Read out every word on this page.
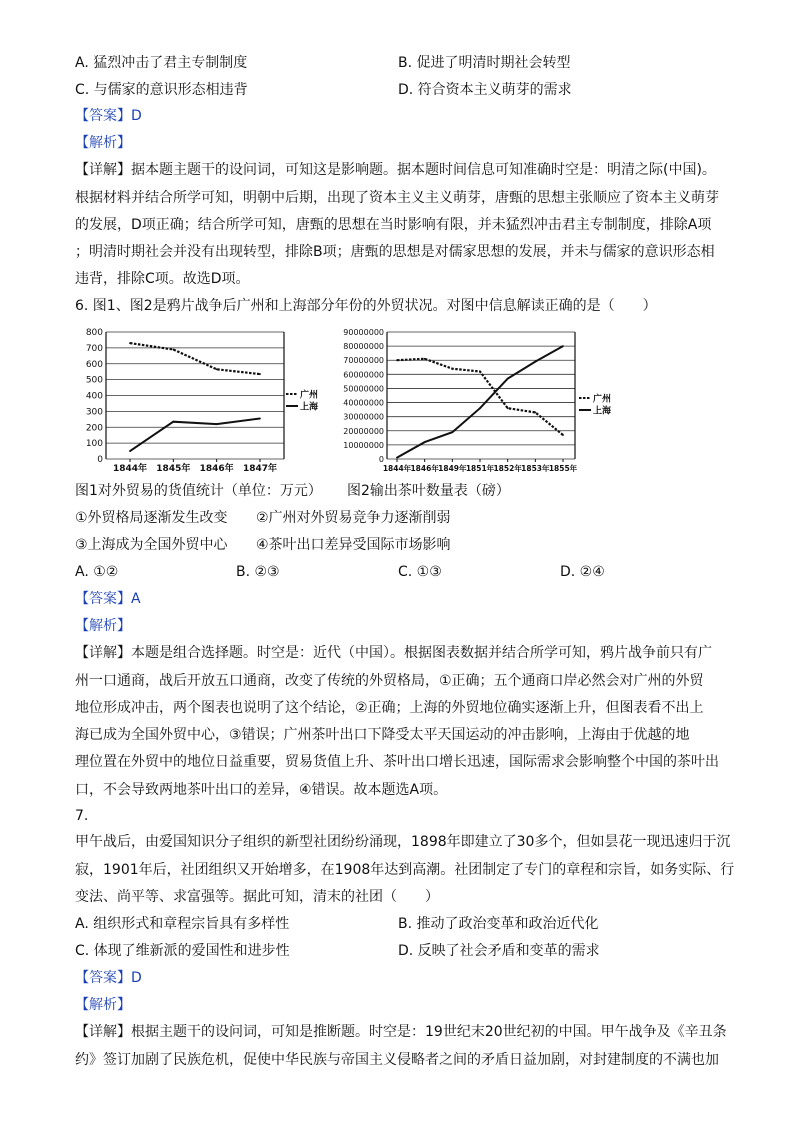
A. 猛烈冲击了君主专制制度	B. 促进了明清时期社会转型
C. 与儒家的意识形态相违背	D. 符合资本主义萌芽的需求
【答案】D
【解析】
【详解】据本题主题干的设问词，可知这是影响题。据本题时间信息可知准确时空是：明清之际(中国)。
根据材料并结合所学可知，明朝中后期，出现了资本主义主义萌芽，唐甄的思想主张顺应了资本主义萌芽
的发展，D项正确；结合所学可知，唐甄的思想在当时影响有限，并未猛烈冲击君主专制制度，排除A项
；明清时期社会并没有出现转型，排除B项；唐甄的思想是对儒家思想的发展，并未与儒家的意识形态相
违背，排除C项。故选D项。
6. 图1、图2是鸦片战争后广州和上海部分年份的外贸状况。对图中信息解读正确的是（　　）
800
700
600
500
400
300
200
100
0
1844年 1845年 1846年 1847年
广州
上海
90000000
80000000
70000000
60000000
50000000
40000000
30000000
20000000
10000000
0
1844年 1846年 1849年 1851年 1852年 1853年 1855年
广州
上海
图1对外贸易的货值统计（单位：万元） 图2输出茶叶数量表（磅）
①外贸格局逐渐发生改变 ②广州对外贸易竞争力逐渐削弱
③上海成为全国外贸中心 ④茶叶出口差异受国际市场影响
A. ①②	B. ②③	C. ①③	D. ②④
【答案】A
【解析】
【详解】本题是组合选择题。时空是：近代（中国）。根据图表数据并结合所学可知，鸦片战争前只有广
州一口通商，战后开放五口通商，改变了传统的外贸格局，①正确；五个通商口岸必然会对广州的外贸
地位形成冲击，两个图表也说明了这个结论，②正确；上海的外贸地位确实逐渐上升，但图表看不出上
海已成为全国外贸中心，③错误；广州茶叶出口下降受太平天国运动的冲击影响，上海由于优越的地
理位置在外贸中的地位日益重要，贸易货值上升、茶叶出口增长迅速，国际需求会影响整个中国的茶叶出
口，不会导致两地茶叶出口的差异，④错误。故本题选A项。
7.
甲午战后，由爱国知识分子组织的新型社团纷纷涌现，1898年即建立了30多个，但如昙花一现迅速归于沉
寂，1901年后，社团组织又开始增多，在1908年达到高潮。社团制定了专门的章程和宗旨，如务实际、行
变法、尚平等、求富强等。据此可知，清末的社团（　　）
A. 组织形式和章程宗旨具有多样性	B. 推动了政治变革和政治近代化
C. 体现了维新派的爱国性和进步性	D. 反映了社会矛盾和变革的需求
【答案】D
【解析】
【详解】根据主题干的设问词，可知是推断题。时空是：19世纪末20世纪初的中国。甲午战争及《辛丑条
约》签订加剧了民族危机，促使中华民族与帝国主义侵略者之间的矛盾日益加剧，对封建制度的不满也加
